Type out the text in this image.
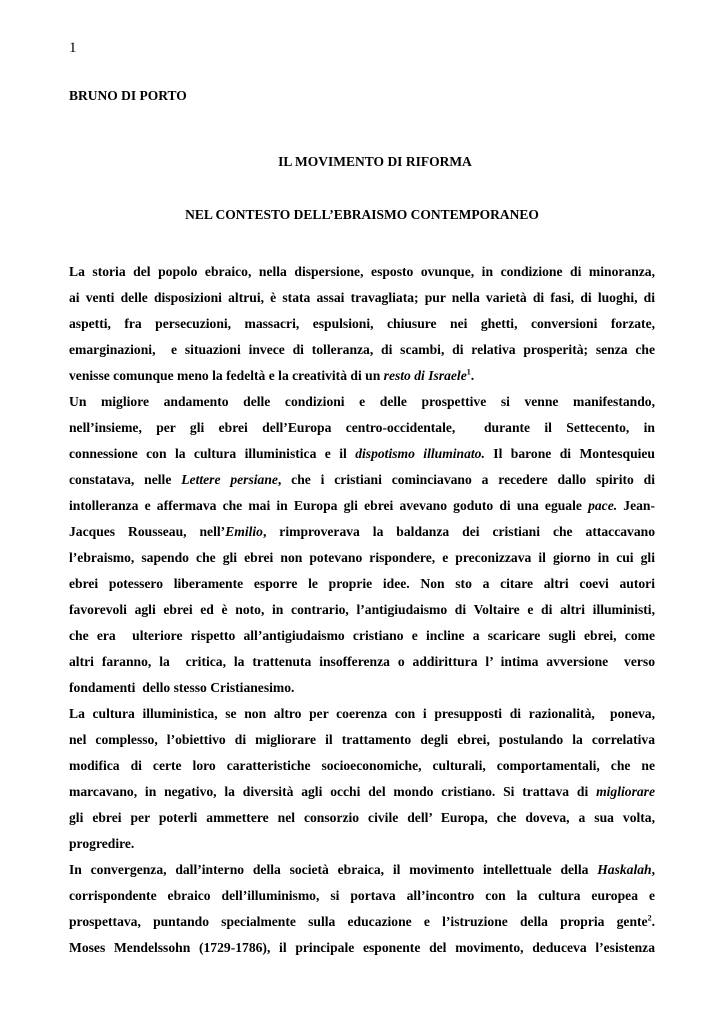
1
BRUNO DI PORTO
IL MOVIMENTO DI RIFORMA
NEL CONTESTO DELL’EBRAISMO CONTEMPORANEO
La storia del popolo ebraico, nella dispersione, esposto ovunque, in condizione di minoranza,
ai venti delle disposizioni altrui, è stata assai travagliata; pur nella varietà di fasi, di luoghi, di
aspetti, fra persecuzioni, massacri, espulsioni, chiusure nei ghetti, conversioni forzate,
emarginazioni,  e situazioni invece di tolleranza, di scambi, di relativa prosperità; senza che
venisse comunque meno la fedeltà e la creatività di un resto di Israele$^1$.
Un migliore andamento delle condizioni e delle prospettive si venne manifestando,
nell’insieme, per gli ebrei dell’Europa centro-occidentale,  durante il Settecento, in
connessione con la cultura illuministica e il dispotismo illuminato. Il barone di Montesquieu
constatava, nelle Lettere persiane, che i cristiani cominciavano a recedere dallo spirito di
intolleranza e affermava che mai in Europa gli ebrei avevano goduto di una eguale pace. Jean-
Jacques Rousseau, nell’Emilio, rimproverava la baldanza dei cristiani che attaccavano
l’ebraismo, sapendo che gli ebrei non potevano rispondere, e preconizzava il giorno in cui gli
ebrei potessero liberamente esporre le proprie idee. Non sto a citare altri coevi autori
favorevoli agli ebrei ed è noto, in contrario, l’antigiudaismo di Voltaire e di altri illuministi,
che era  ulteriore rispetto all’antigiudaismo cristiano e incline a scaricare sugli ebrei, come
altri faranno, la  critica, la trattenuta insofferenza o addirittura l’ intima avversione  verso
fondamenti  dello stesso Cristianesimo.
La cultura illuministica, se non altro per coerenza con i presupposti di razionalità,  poneva,
nel complesso, l’obiettivo di migliorare il trattamento degli ebrei, postulando la correlativa
modifica di certe loro caratteristiche socioeconomiche, culturali, comportamentali, che ne
marcavano, in negativo, la diversità agli occhi del mondo cristiano. Si trattava di migliorare
gli ebrei per poterli ammettere nel consorzio civile dell’ Europa, che doveva, a sua volta,
progredire.
In convergenza, dall’interno della società ebraica, il movimento intellettuale della Haskalah,
corrispondente ebraico dell’illuminismo, si portava all’incontro con la cultura europea e
prospettava, puntando specialmente sulla educazione e l’istruzione della propria gente$^2$.
Moses Mendelssohn (1729-1786), il principale esponente del movimento, deduceva l’esistenza
